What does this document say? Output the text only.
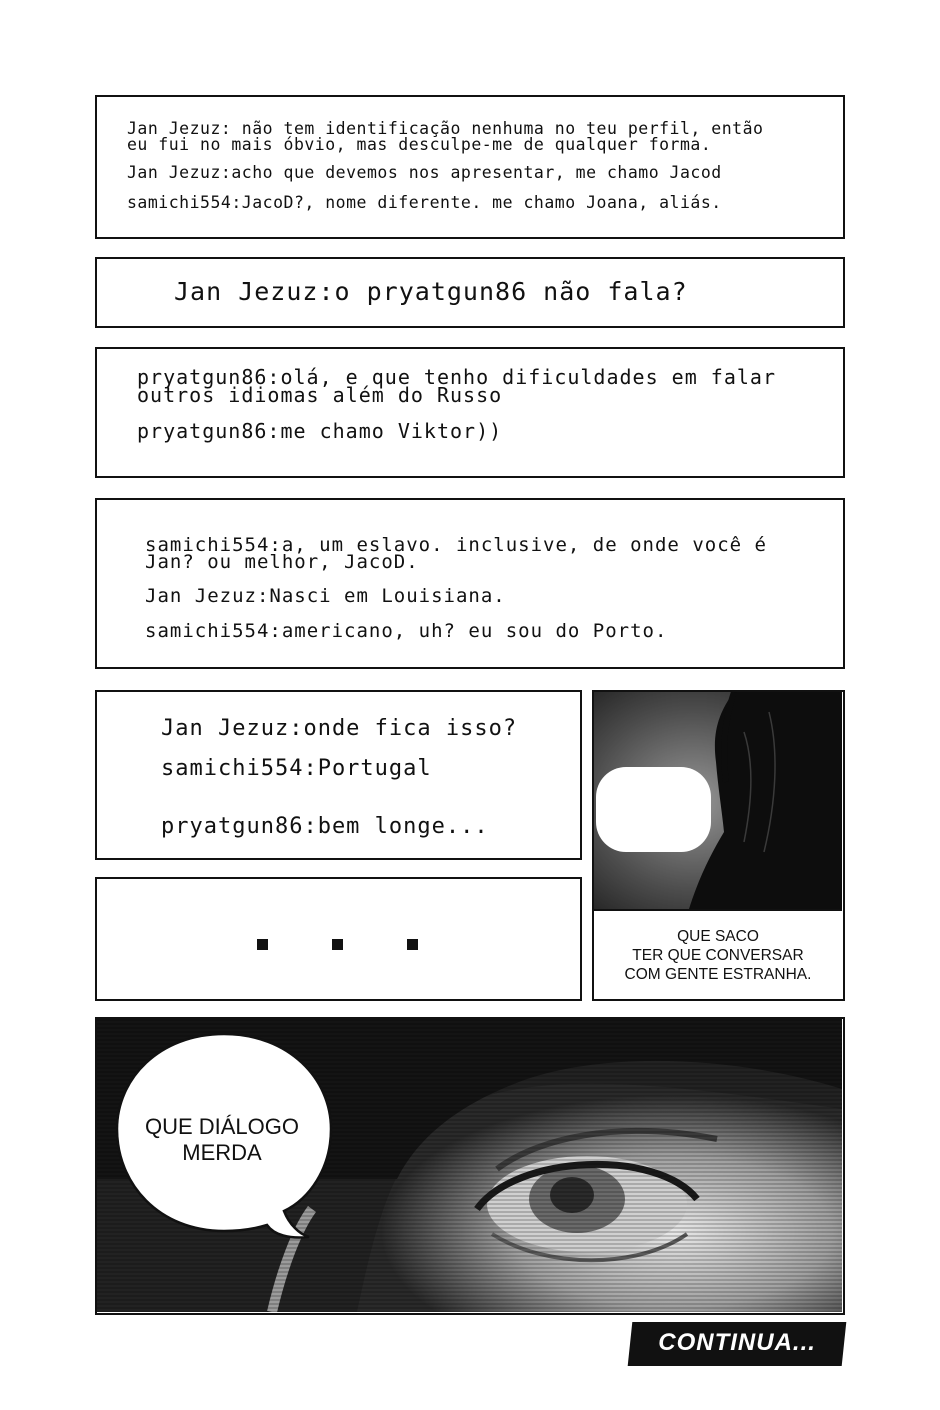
Jan Jezuz: não tem identificação nenhuma no teu perfil, então
eu fui no mais óbvio, mas desculpe-me de qualquer forma.
Jan Jezuz:acho que devemos nos apresentar, me chamo Jacod
samichi554:JacoD?, nome diferente. me chamo Joana, aliás.
Jan Jezuz:o pryatgun86 não fala?
pryatgun86:olá, e que tenho dificuldades em falar
outros idiomas além do Russo
pryatgun86:me chamo Viktor))
samichi554:a, um eslavo. inclusive, de onde você é
Jan? ou melhor, JacoD.
Jan Jezuz:Nasci em Louisiana.
samichi554:americano, uh? eu sou do Porto.
Jan Jezuz:onde fica isso?
samichi554:Portugal
pryatgun86:bem longe...
QUE SACO
TER QUE CONVERSAR
COM GENTE ESTRANHA.
QUE DIÁLOGO
MERDA
CONTINUA...
